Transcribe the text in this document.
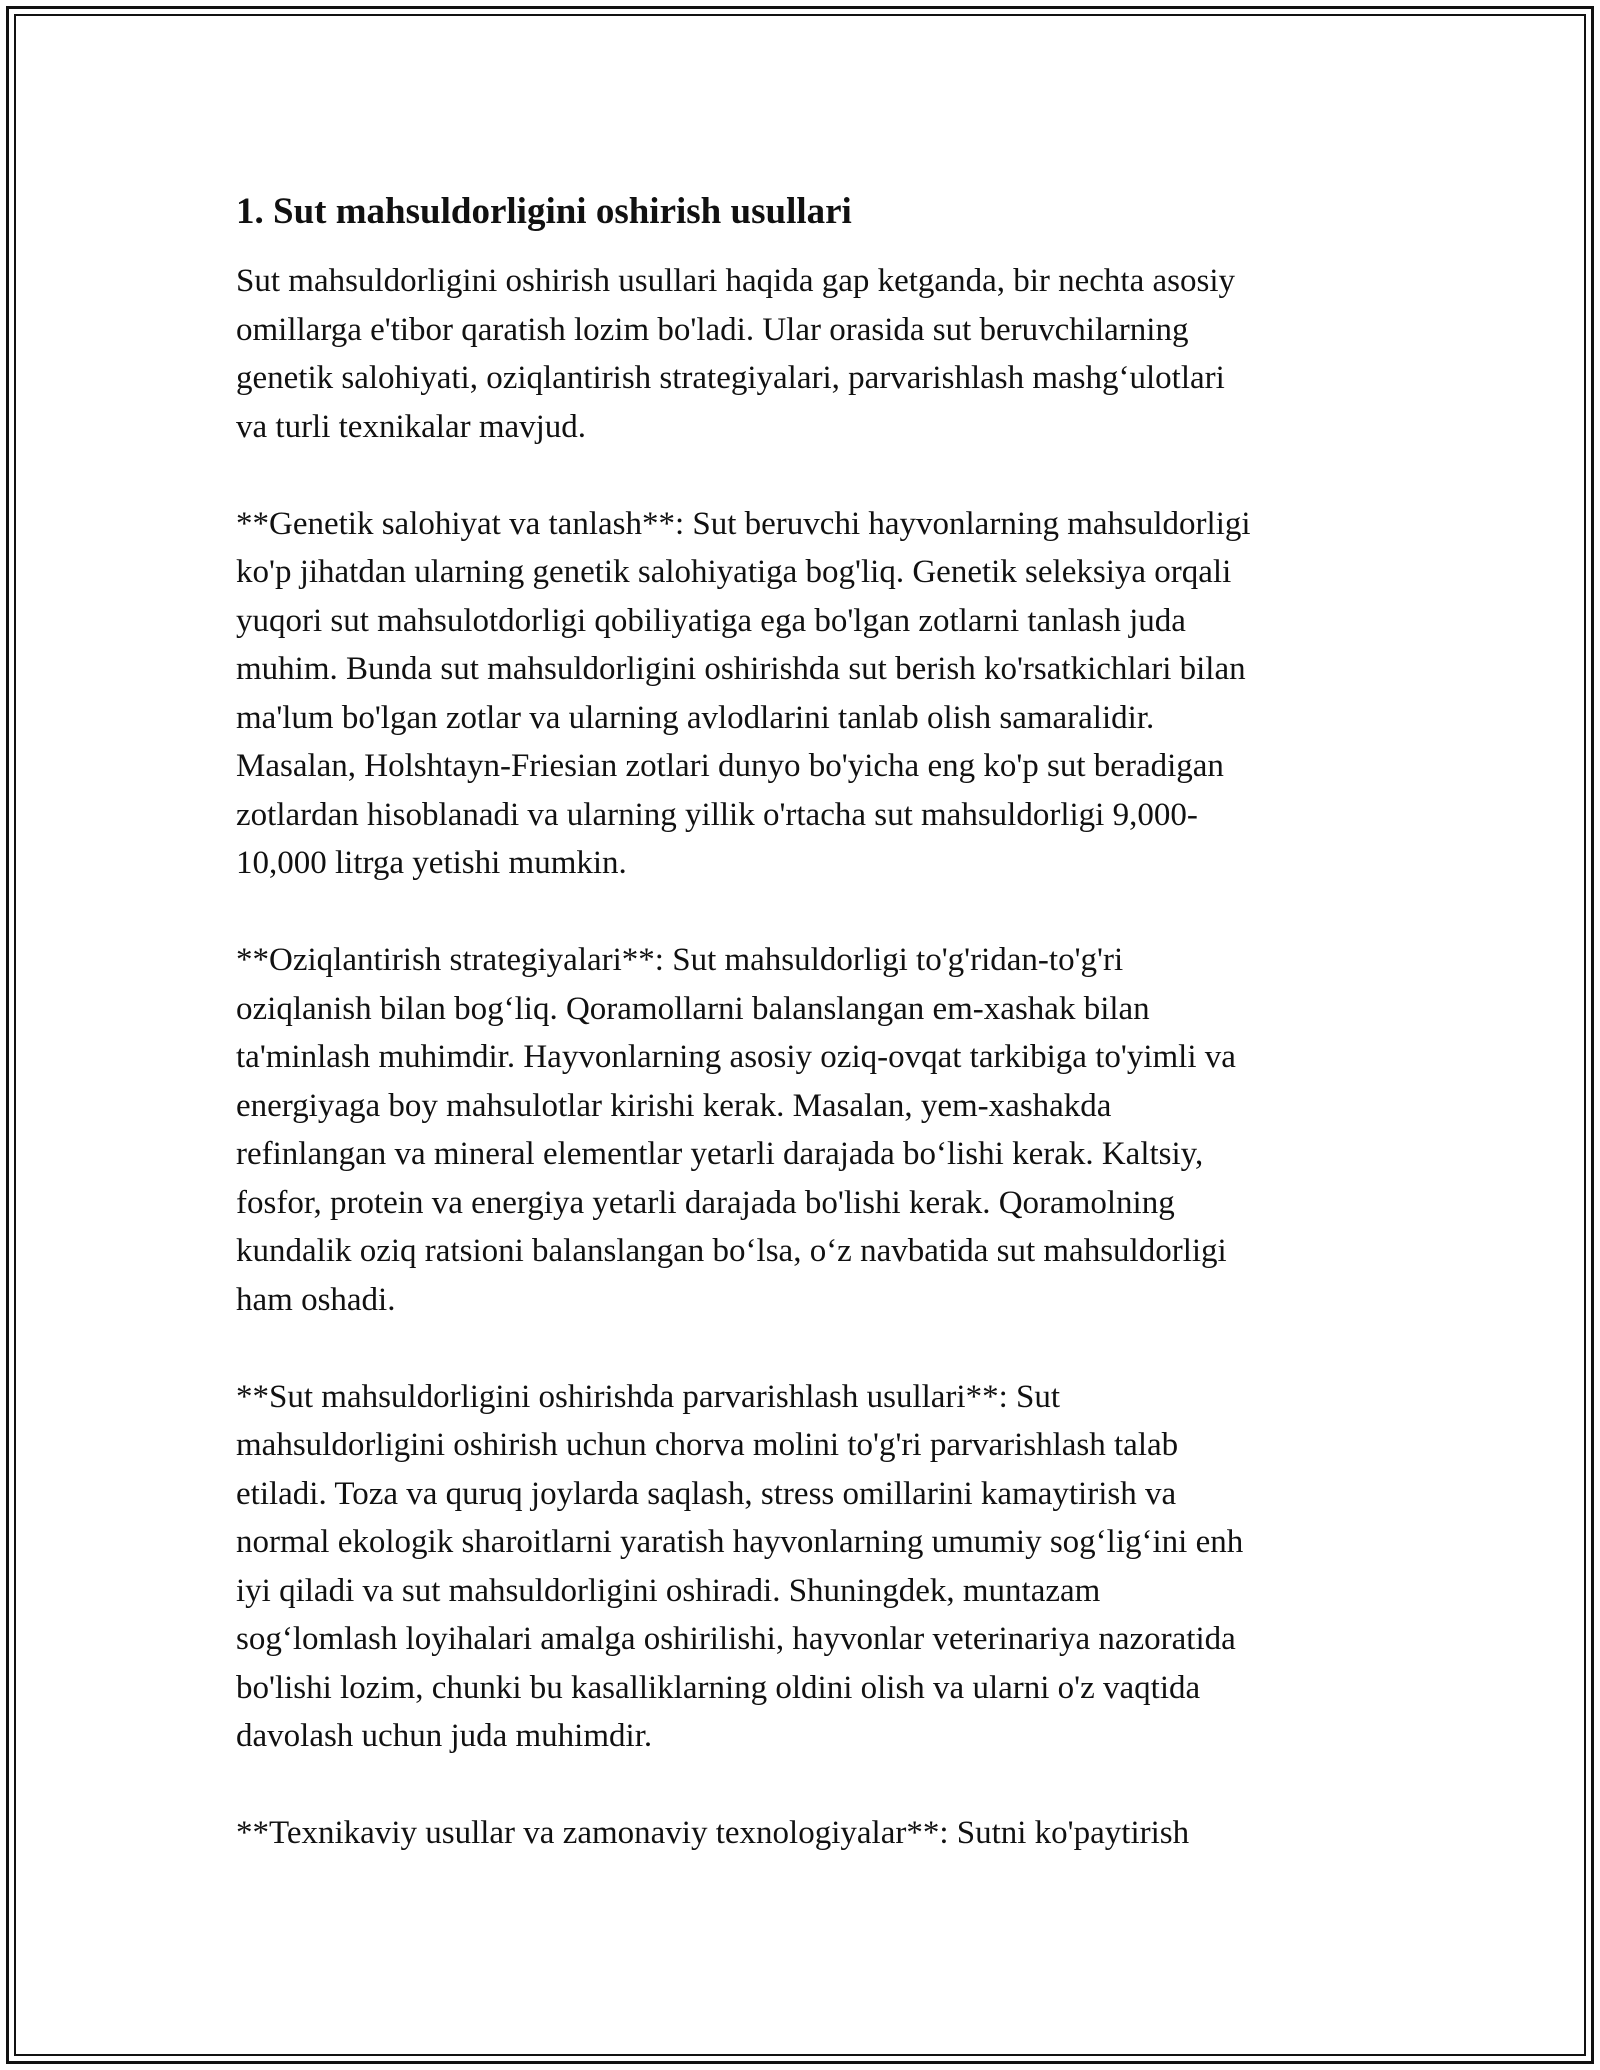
1. Sut mahsuldorligini oshirish usullari

Sut mahsuldorligini oshirish usullari haqida gap ketganda, bir nechta asosiy
omillarga e'tibor qaratish lozim bo'ladi. Ular orasida sut beruvchilarning
genetik salohiyati, oziqlantirish strategiyalari, parvarishlash mashg‘ulotlari
va turli texnikalar mavjud.

**Genetik salohiyat va tanlash**: Sut beruvchi hayvonlarning mahsuldorligi
ko'p jihatdan ularning genetik salohiyatiga bog'liq. Genetik seleksiya orqali
yuqori sut mahsulotdorligi qobiliyatiga ega bo'lgan zotlarni tanlash juda
muhim. Bunda sut mahsuldorligini oshirishda sut berish ko'rsatkichlari bilan
ma'lum bo'lgan zotlar va ularning avlodlarini tanlab olish samaralidir.
Masalan, Holshtayn-Friesian zotlari dunyo bo'yicha eng ko'p sut beradigan
zotlardan hisoblanadi va ularning yillik o'rtacha sut mahsuldorligi 9,000-
10,000 litrga yetishi mumkin.

**Oziqlantirish strategiyalari**: Sut mahsuldorligi to'g'ridan-to'g'ri
oziqlanish bilan bog‘liq. Qoramollarni balanslangan em-xashak bilan
ta'minlash muhimdir. Hayvonlarning asosiy oziq-ovqat tarkibiga to'yimli va
energiyaga boy mahsulotlar kirishi kerak. Masalan, yem-xashakda
refinlangan va mineral elementlar yetarli darajada bo‘lishi kerak. Kaltsiy,
fosfor, protein va energiya yetarli darajada bo'lishi kerak. Qoramolning
kundalik oziq ratsioni balanslangan bo‘lsa, o‘z navbatida sut mahsuldorligi
ham oshadi.

**Sut mahsuldorligini oshirishda parvarishlash usullari**: Sut
mahsuldorligini oshirish uchun chorva molini to'g'ri parvarishlash talab
etiladi. Toza va quruq joylarda saqlash, stress omillarini kamaytirish va
normal ekologik sharoitlarni yaratish hayvonlarning umumiy sog‘lig‘ini enh
iyi qiladi va sut mahsuldorligini oshiradi. Shuningdek, muntazam
sog‘lomlash loyihalari amalga oshirilishi, hayvonlar veterinariya nazoratida
bo'lishi lozim, chunki bu kasalliklarning oldini olish va ularni o'z vaqtida
davolash uchun juda muhimdir.

**Texnikaviy usullar va zamonaviy texnologiyalar**: Sutni ko'paytirish
